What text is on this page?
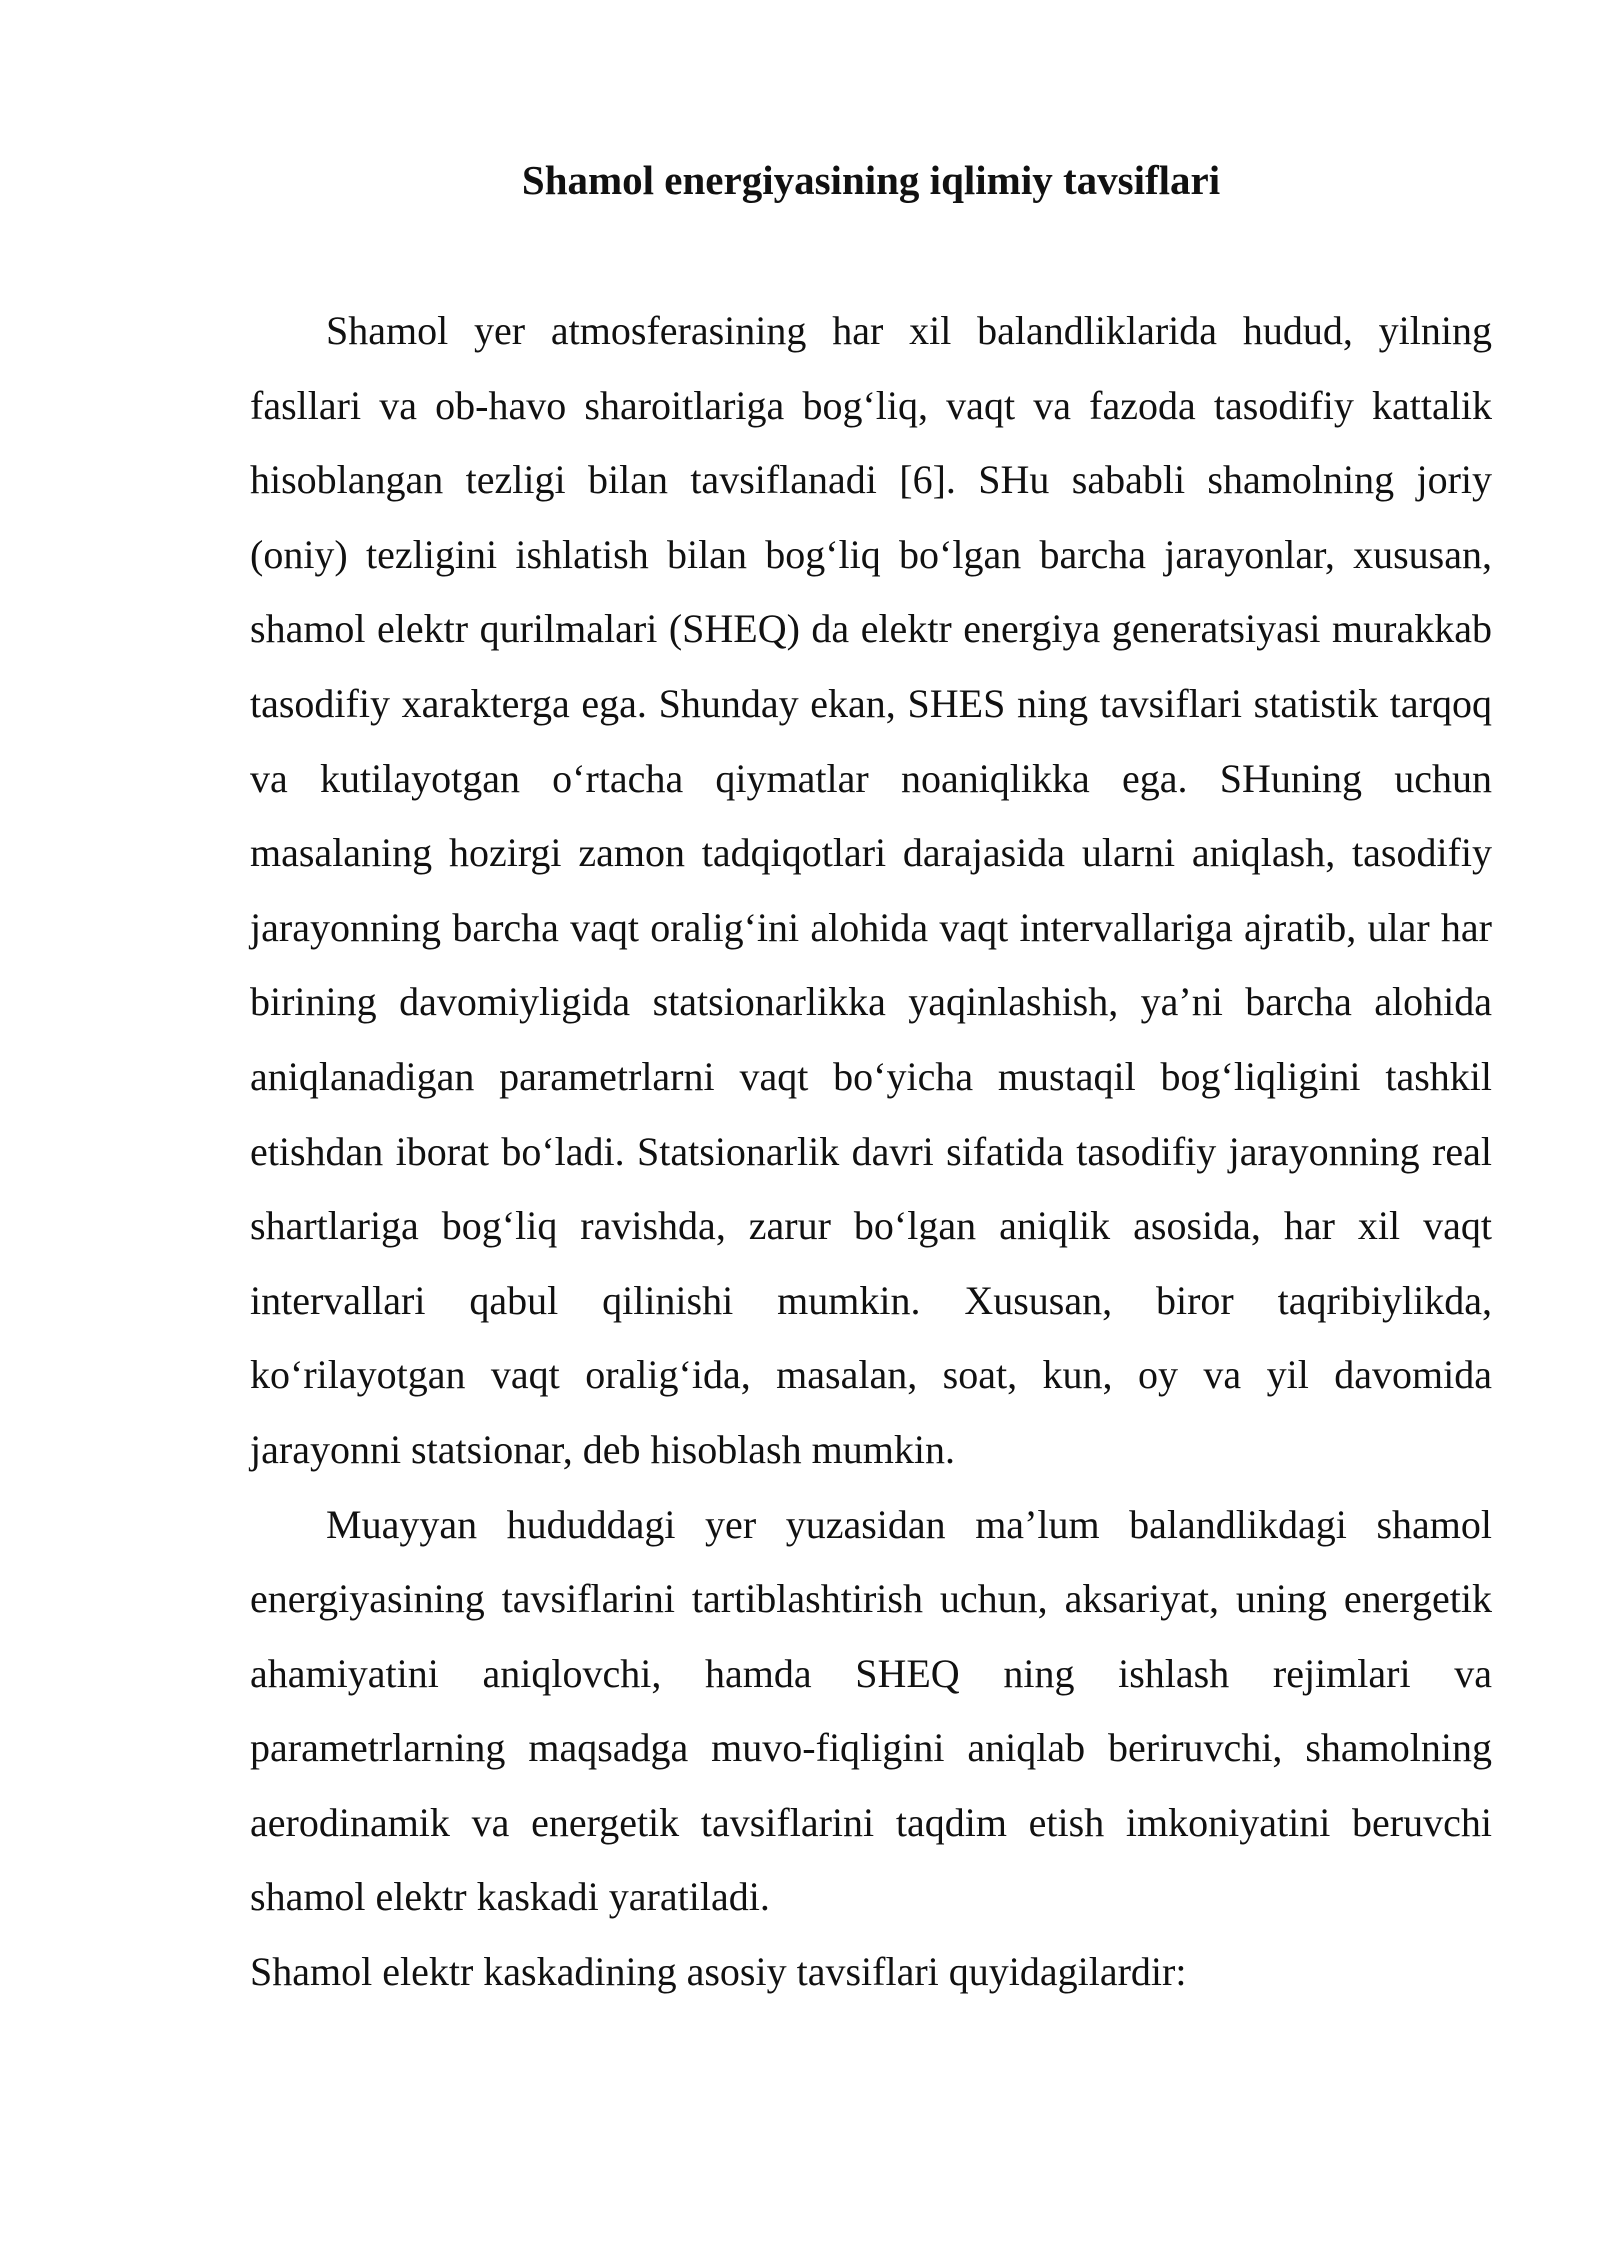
Shamol energiyasining iqlimiy tavsiflari

Shamol yer atmosferasining har xil balandliklarida hudud, yilning fasllari va ob-havo sharoitlariga bog‘liq, vaqt va fazoda tasodifiy kattalik hisoblangan tezligi bilan tavsiflanadi [6]. SHu sababli shamolning joriy (oniy) tezligini ishlatish bilan bog‘liq bo‘lgan barcha jarayonlar, xususan, shamol elektr qurilmalari (SHEQ) da elektr energiya generatsiyasi murakkab tasodifiy xarakterga ega. Shunday ekan, SHES ning tavsiflari statistik tarqoq va kutilayotgan o‘rtacha qiymatlar noaniqlikka ega. SHuning uchun masalaning hozirgi zamon tadqiqotlari darajasida ularni aniqlash, tasodifiy jarayonning barcha vaqt oralig‘ini alohida vaqt intervallariga ajratib, ular har birining davomiyligida statsionarlikka yaqinlashish, ya’ni barcha alohida aniqlanadigan parametrlarni vaqt bo‘yicha mustaqil bog‘liqligini tashkil etishdan iborat bo‘ladi. Statsionarlik davri sifatida tasodifiy jarayonning real shartlariga bog‘liq ravishda, zarur bo‘lgan aniqlik asosida, har xil vaqt intervallari qabul qilinishi mumkin. Xususan, biror taqribiylikda, ko‘rilayotgan vaqt oralig‘ida, masalan, soat, kun, oy va yil davomida jarayonni statsionar, deb hisoblash mumkin.

Muayyan hududdagi yer yuzasidan ma’lum balandlikdagi shamol energiyasining tavsiflarini tartiblashtirish uchun, aksariyat, uning energetik ahamiyatini aniqlovchi, hamda SHEQ ning ishlash rejimlari va parametrlarning maqsadga muvo-fiqligini aniqlab beriruvchi, shamolning aerodinamik va energetik tavsiflarini taqdim etish imkoniyatini beruvchi shamol elektr kaskadi yaratiladi.

Shamol elektr kaskadining asosiy tavsiflari quyidagilardir:
